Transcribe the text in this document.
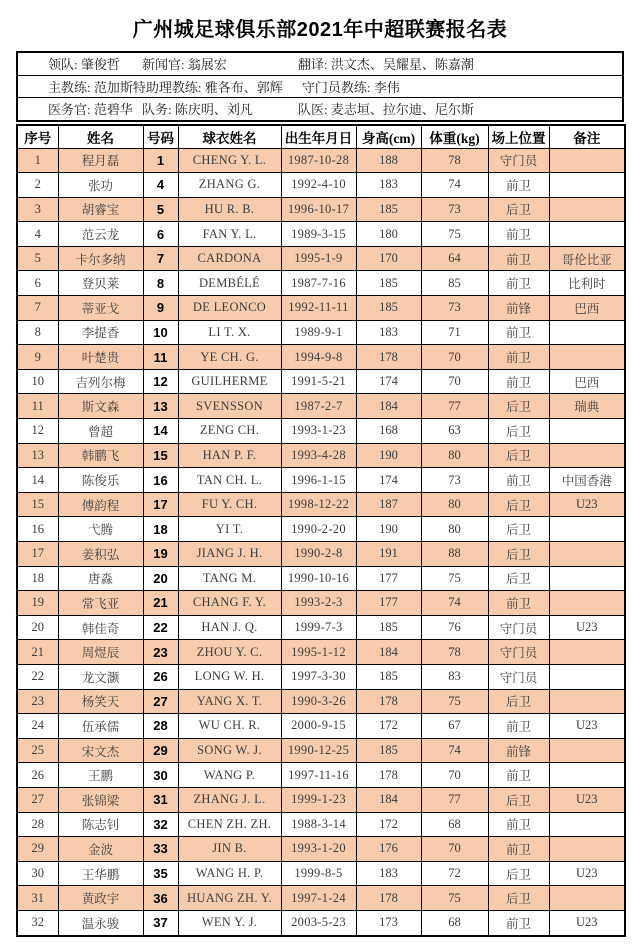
广州城足球俱乐部2021年中超联赛报名表
领队: 肇俊哲	新闻官: 翁展宏	翻译: 洪文杰、吴耀星、陈嘉潮
主教练: 范加斯特 助理教练: 雅各布、郭辉	守门员教练: 李伟
医务官: 范碧华 队务: 陈庆明、刘凡	队医: 麦志垣、拉尔迪、尼尔斯
序号	姓名	号码	球衣姓名	出生年月日	身高(cm)	体重(kg)	场上位置	备注
1	程月磊	1	CHENG Y. L.	1987-10-28	188	78	守门员	
2	张功	4	ZHANG G.	1992-4-10	183	74	前卫	
3	胡睿宝	5	HU R. B.	1996-10-17	185	73	后卫	
4	范云龙	6	FAN Y. L.	1989-3-15	180	75	前卫	
5	卡尔多纳	7	CARDONA	1995-1-9	170	64	前卫	哥伦比亚
6	登贝莱	8	DEMBÉLÉ	1987-7-16	185	85	前卫	比利时
7	蒂亚戈	9	DE LEONCO	1992-11-11	185	73	前锋	巴西
8	李提香	10	LI T. X.	1989-9-1	183	71	前卫	
9	叶楚贵	11	YE CH. G.	1994-9-8	178	70	前卫	
10	吉列尔梅	12	GUILHERME	1991-5-21	174	70	前卫	巴西
11	斯文森	13	SVENSSON	1987-2-7	184	77	后卫	瑞典
12	曾超	14	ZENG CH.	1993-1-23	168	63	后卫	
13	韩鹏飞	15	HAN P. F.	1993-4-28	190	80	后卫	
14	陈俊乐	16	TAN CH. L.	1996-1-15	174	73	前卫	中国香港
15	傅韵程	17	FU Y. CH.	1998-12-22	187	80	后卫	U23
16	弋腾	18	YI T.	1990-2-20	190	80	后卫	
17	姜积弘	19	JIANG J. H.	1990-2-8	191	88	后卫	
18	唐淼	20	TANG M.	1990-10-16	177	75	后卫	
19	常飞亚	21	CHANG F. Y.	1993-2-3	177	74	前卫	
20	韩佳奇	22	HAN J. Q.	1999-7-3	185	76	守门员	U23
21	周煜辰	23	ZHOU Y. C.	1995-1-12	184	78	守门员	
22	龙文灏	26	LONG W. H.	1997-3-30	185	83	守门员	
23	杨笑天	27	YANG X. T.	1990-3-26	178	75	后卫	
24	伍承儒	28	WU CH. R.	2000-9-15	172	67	前卫	U23
25	宋文杰	29	SONG W. J.	1990-12-25	185	74	前锋	
26	王鹏	30	WANG P.	1997-11-16	178	70	前卫	
27	张锦梁	31	ZHANG J. L.	1999-1-23	184	77	后卫	U23
28	陈志钊	32	CHEN ZH. ZH.	1988-3-14	172	68	前卫	
29	金波	33	JIN B.	1993-1-20	176	70	前卫	
30	王华鹏	35	WANG H. P.	1999-8-5	183	72	后卫	U23
31	黄政宇	36	HUANG ZH. Y.	1997-1-24	178	75	后卫	
32	温永骏	37	WEN Y. J.	2003-5-23	173	68	前卫	U23
